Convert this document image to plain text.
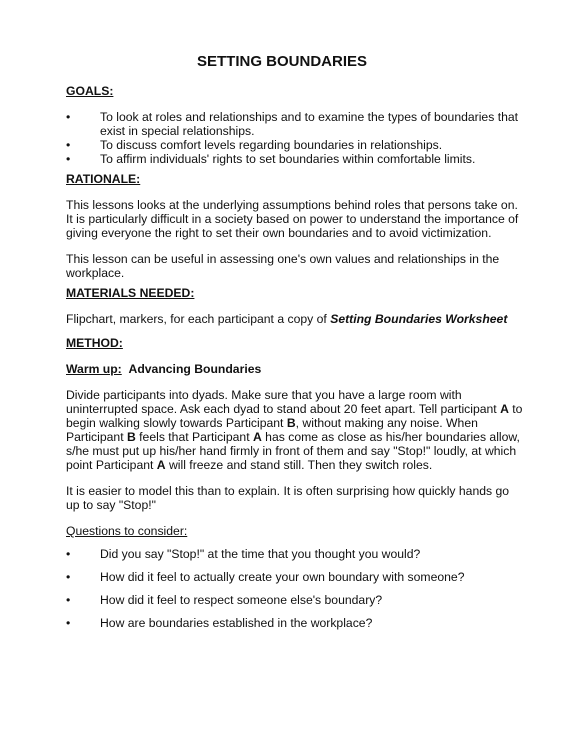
SETTING BOUNDARIES
GOALS:
• To look at roles and relationships and to examine the types of boundaries that exist in special relationships.
• To discuss comfort levels regarding boundaries in relationships.
• To affirm individuals' rights to set boundaries within comfortable limits.
RATIONALE:

This lessons looks at the underlying assumptions behind roles that persons take on. It is particularly difficult in a society based on power to understand the importance of giving everyone the right to set their own boundaries and to avoid victimization.

This lesson can be useful in assessing one's own values and relationships in the workplace.

MATERIALS NEEDED:

Flipchart, markers, for each participant a copy of Setting Boundaries Worksheet

METHOD:

Warm up: Advancing Boundaries

Divide participants into dyads. Make sure that you have a large room with uninterrupted space. Ask each dyad to stand about 20 feet apart. Tell participant A to begin walking slowly towards Participant B, without making any noise. When Participant B feels that Participant A has come as close as his/her boundaries allow, s/he must put up his/her hand firmly in front of them and say "Stop!" loudly, at which point Participant A will freeze and stand still. Then they switch roles.

It is easier to model this than to explain. It is often surprising how quickly hands go up to say "Stop!"

Questions to consider:
• Did you say "Stop!" at the time that you thought you would?
• How did it feel to actually create your own boundary with someone?
• How did it feel to respect someone else's boundary?
• How are boundaries established in the workplace?
